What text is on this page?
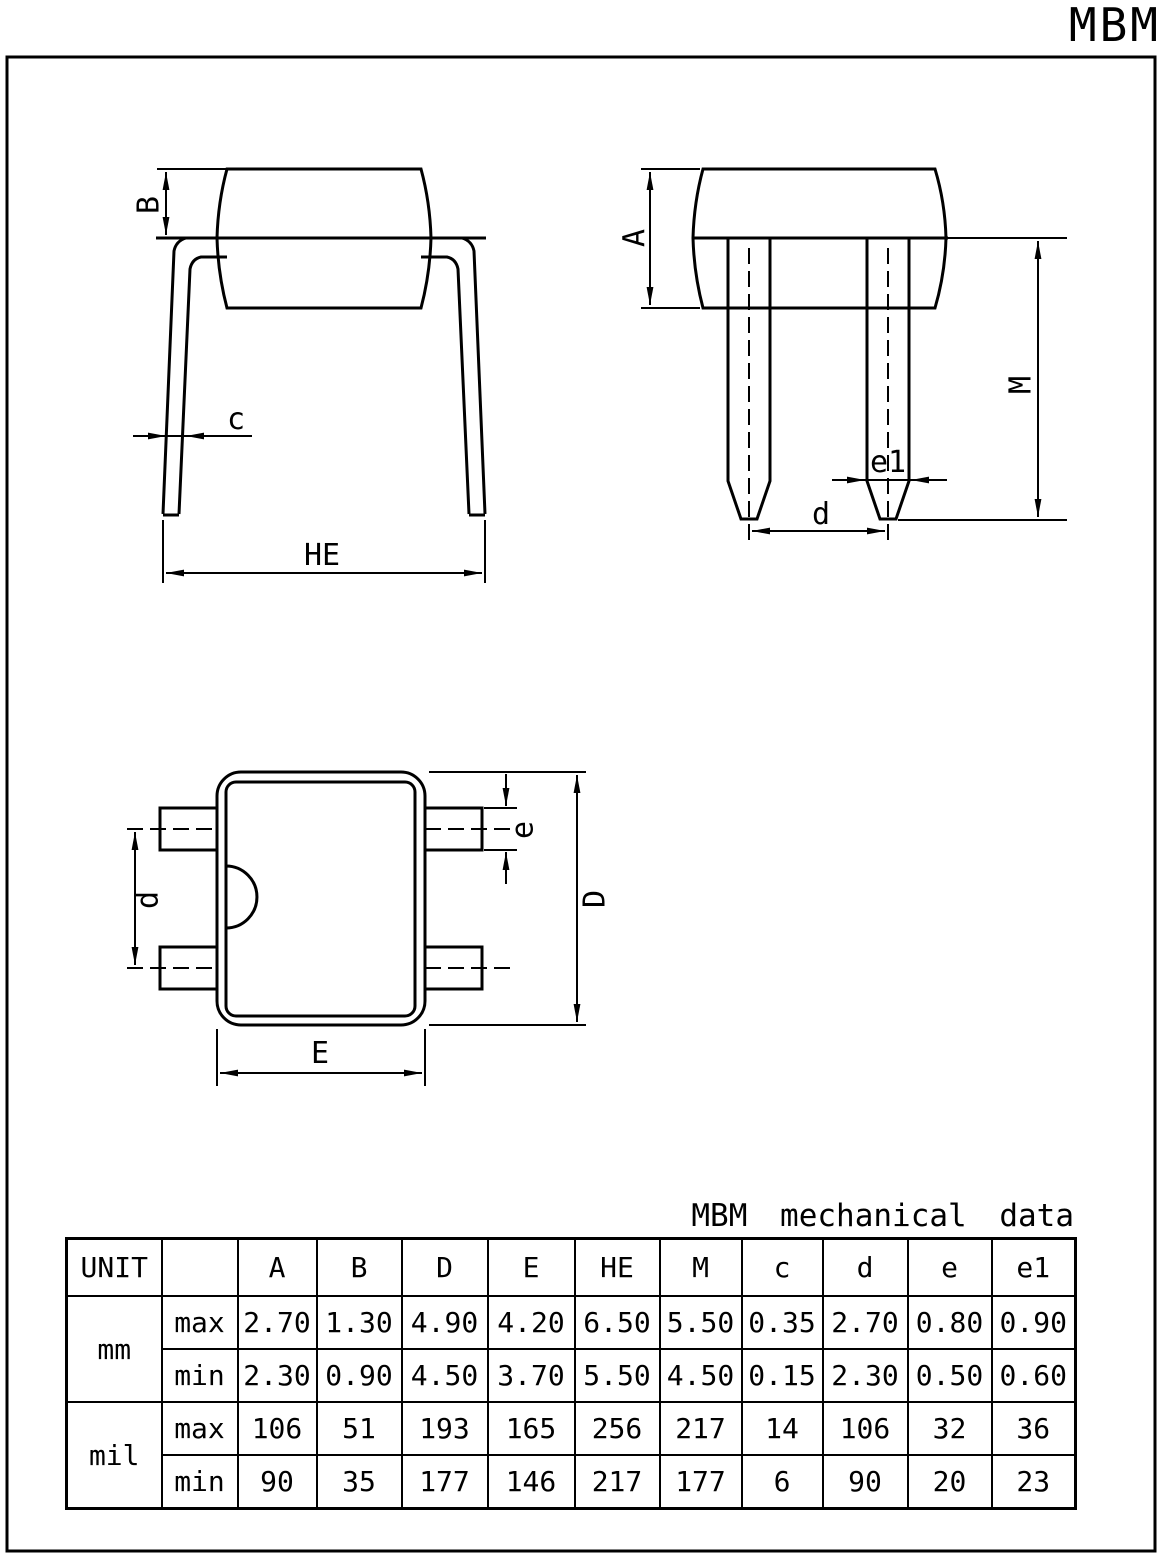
B
c
HE
A
M
e1
d
d
e
D
E
MBM
MBM mechanical data
UNIT		A	B	D	E	HE	M	c	d	e	e1
mm	max	2.70	1.30	4.90	4.20	6.50	5.50	0.35	2.70	0.80	0.90
	min	2.30	0.90	4.50	3.70	5.50	4.50	0.15	2.30	0.50	0.60
mil	max	106	51	193	165	256	217	14	106	32	36
	min	90	35	177	146	217	177	6	90	20	23
